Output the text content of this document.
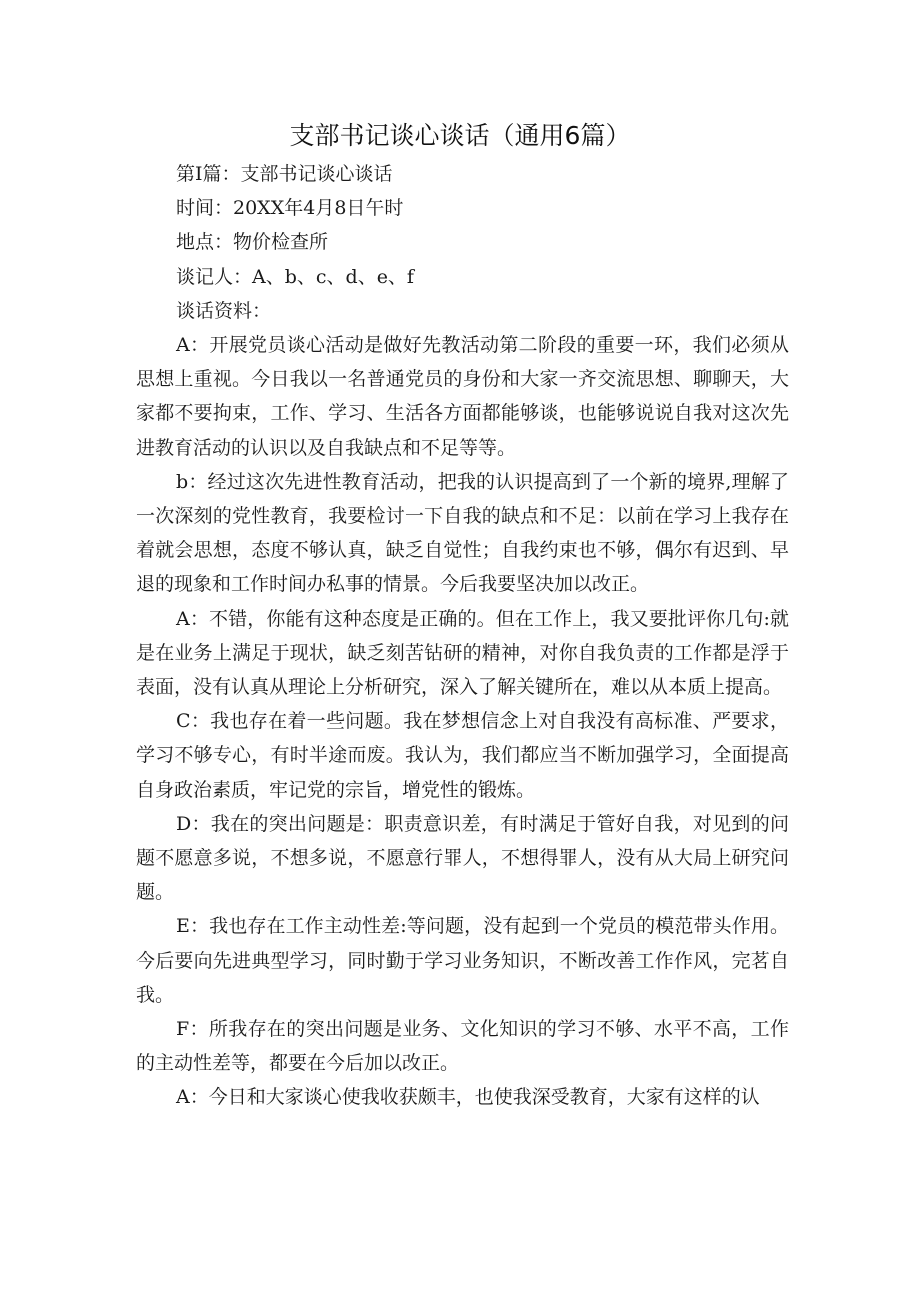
支部书记谈心谈话（通用6篇）

第I篇：支部书记谈心谈话

时间：20XX年4月8日午时

地点：物价检查所

谈记人：A、b、c、d、e、f

谈话资料：

A：开展党员谈心活动是做好先教活动第二阶段的重要一环，我们必须从思想上重视。今日我以一名普通党员的身份和大家一齐交流思想、聊聊天，大家都不要拘束，工作、学习、生活各方面都能够谈，也能够说说自我对这次先进教育活动的认识以及自我缺点和不足等等。

b：经过这次先进性教育活动，把我的认识提高到了一个新的境界,理解了一次深刻的党性教育，我要检讨一下自我的缺点和不足：以前在学习上我存在着就会思想，态度不够认真，缺乏自觉性；自我约束也不够，偶尔有迟到、早退的现象和工作时间办私事的情景。今后我要坚决加以改正。

A：不错，你能有这种态度是正确的。但在工作上，我又要批评你几句:就是在业务上满足于现状，缺乏刻苦钻研的精神，对你自我负责的工作都是浮于表面，没有认真从理论上分析研究，深入了解关键所在，难以从本质上提高。

C：我也存在着一些问题。我在梦想信念上对自我没有高标准、严要求，学习不够专心，有时半途而废。我认为，我们都应当不断加强学习，全面提高自身政治素质，牢记党的宗旨，增党性的锻炼。

D：我在的突出问题是：职责意识差，有时满足于管好自我，对见到的问题不愿意多说，不想多说，不愿意行罪人，不想得罪人，没有从大局上研究问题。

E：我也存在工作主动性差:等问题，没有起到一个党员的模范带头作用。今后要向先进典型学习，同时勤于学习业务知识，不断改善工作作风，完茗自我。

F：所我存在的突出问题是业务、文化知识的学习不够、水平不高，工作的主动性差等，都要在今后加以改正。

A：今日和大家谈心使我收获颇丰，也使我深受教育，大家有这样的认
